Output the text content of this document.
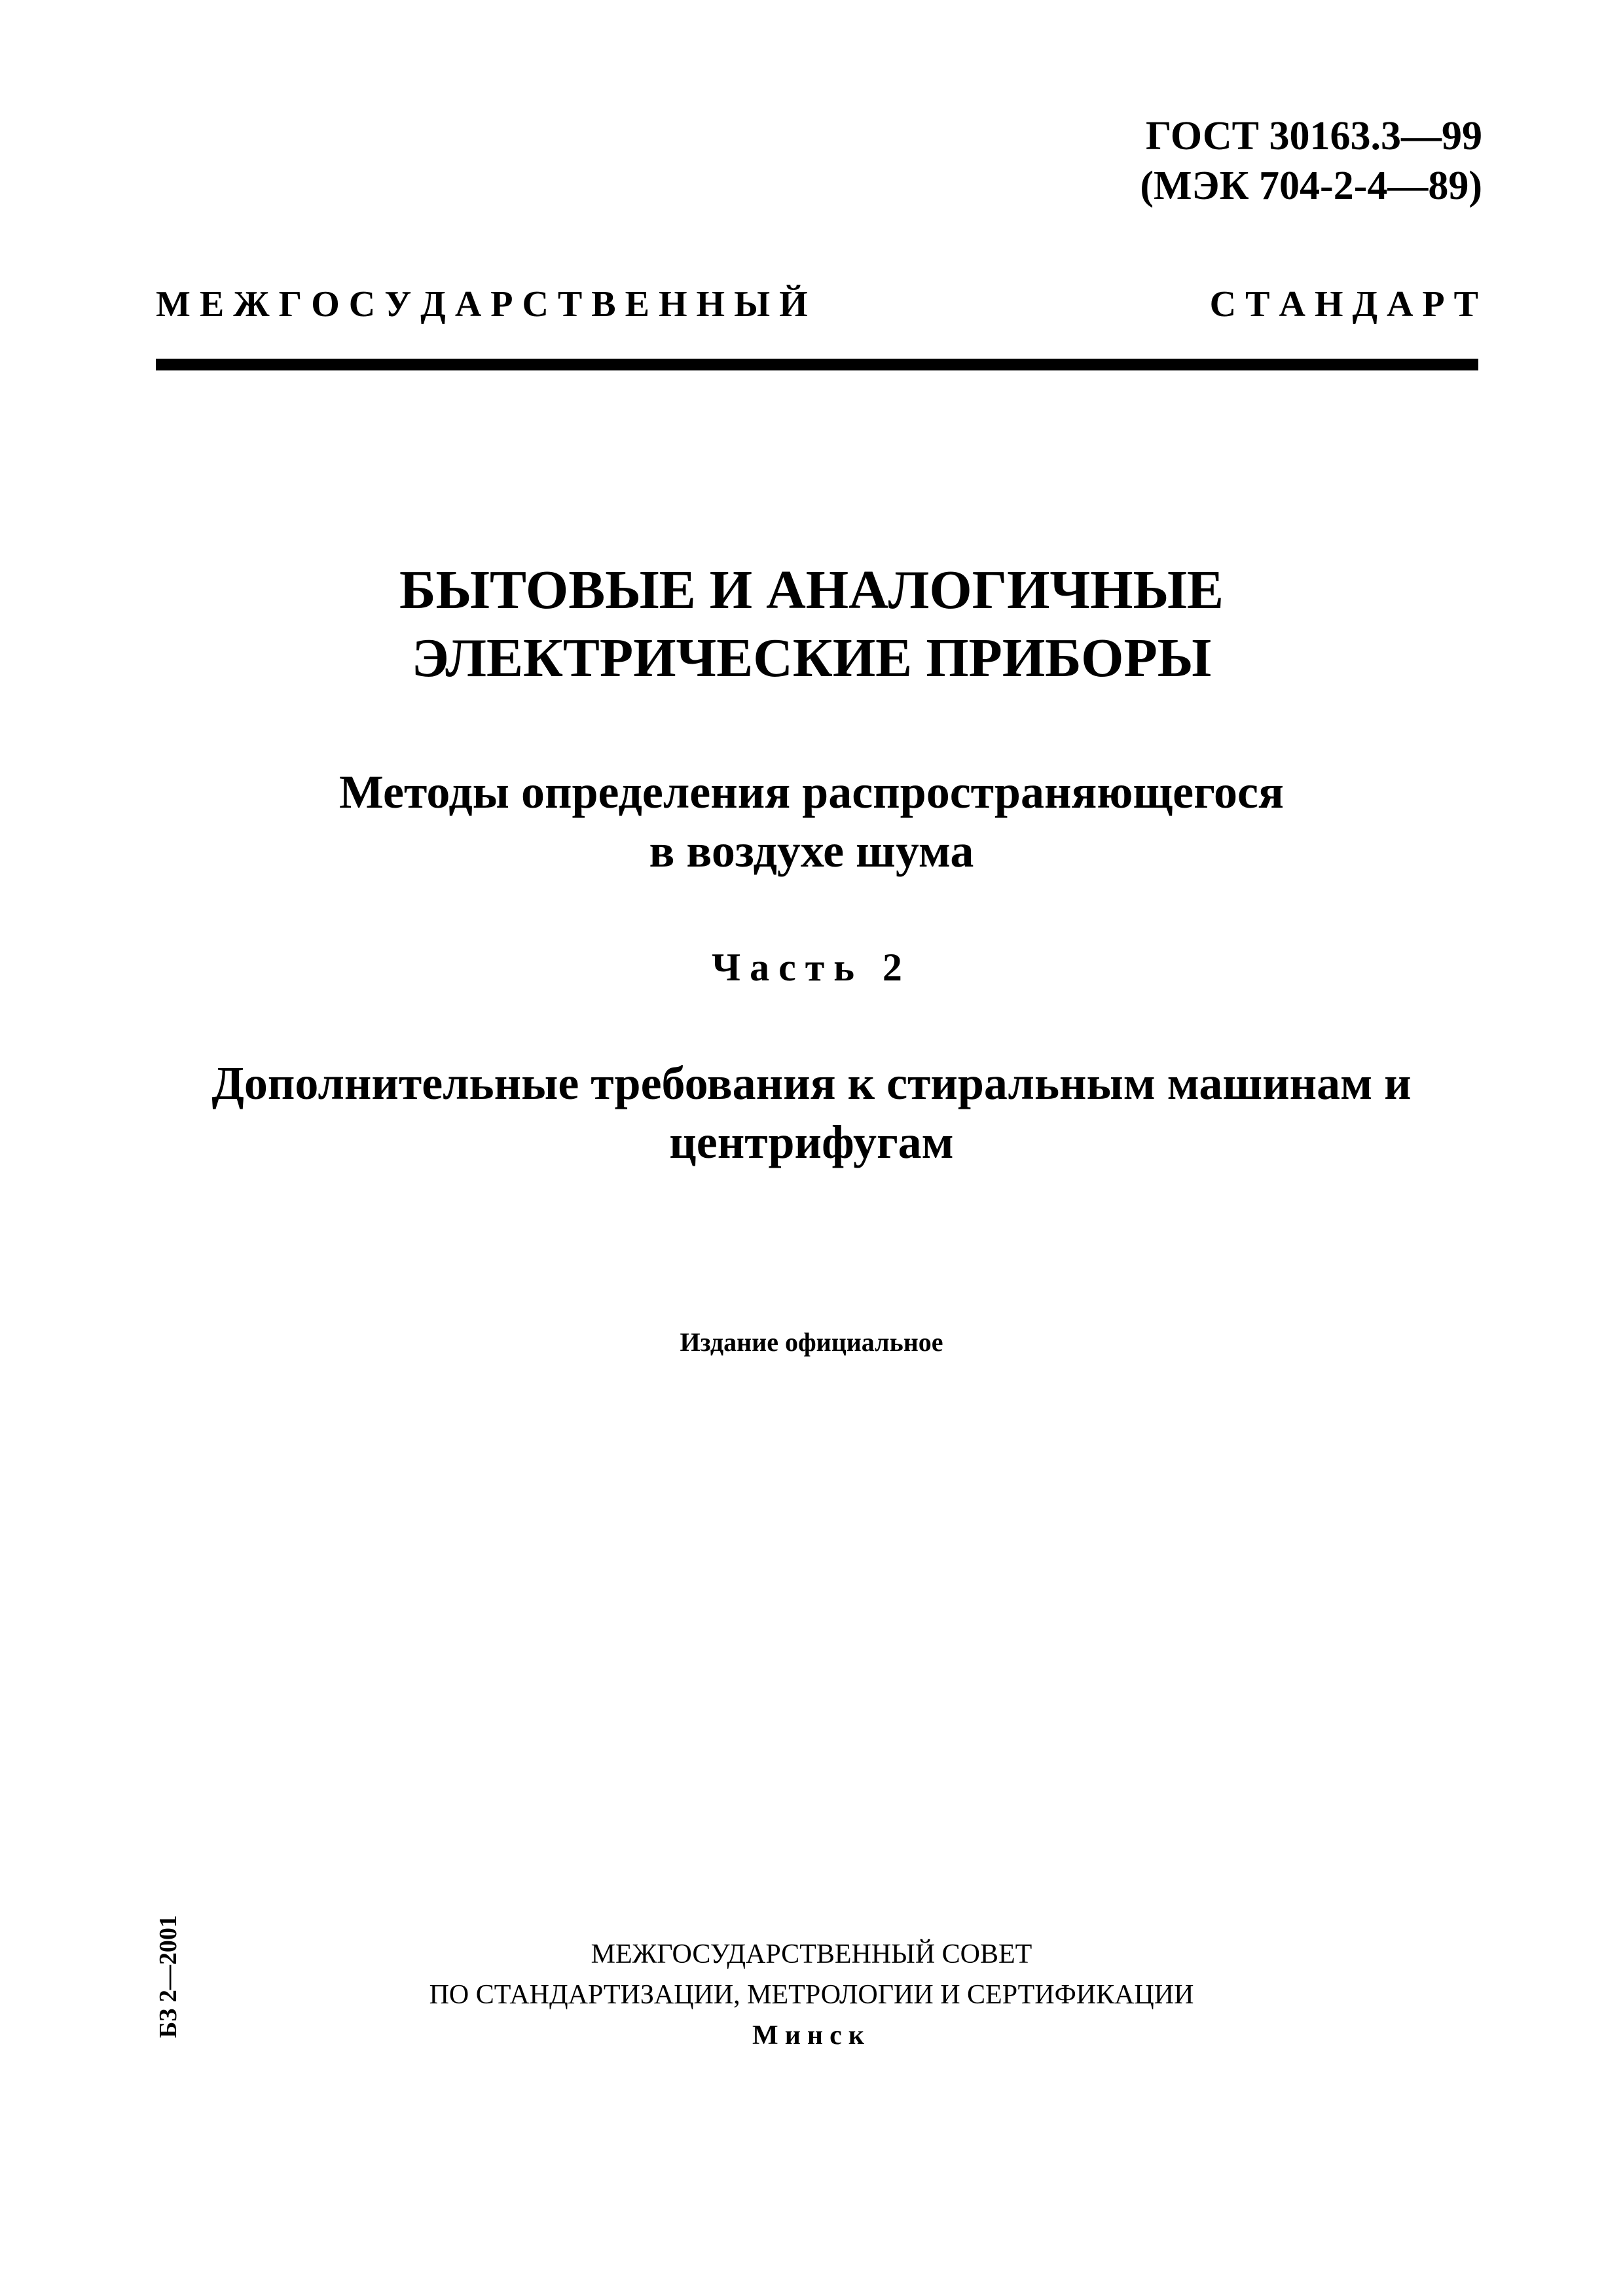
ГОСТ 30163.3—99
(МЭК 704-2-4—89)
М Е Ж Г О С У Д А Р С Т В Е Н Н Ы Й	С Т А Н Д А Р Т
БЫТОВЫЕ И АНАЛОГИЧНЫЕ
ЭЛЕКТРИЧЕСКИЕ ПРИБОРЫ
Методы определения распространяющегося
в воздухе шума
Часть 2
Дополнительные требования к стиральным машинам и
центрифугам
Издание официальное
БЗ 2—2001	МЕЖГОСУДАРСТВЕННЫЙ СОВЕТ
ПО СТАНДАРТИЗАЦИИ, МЕТРОЛОГИИ И СЕРТИФИКАЦИИ
Минск
